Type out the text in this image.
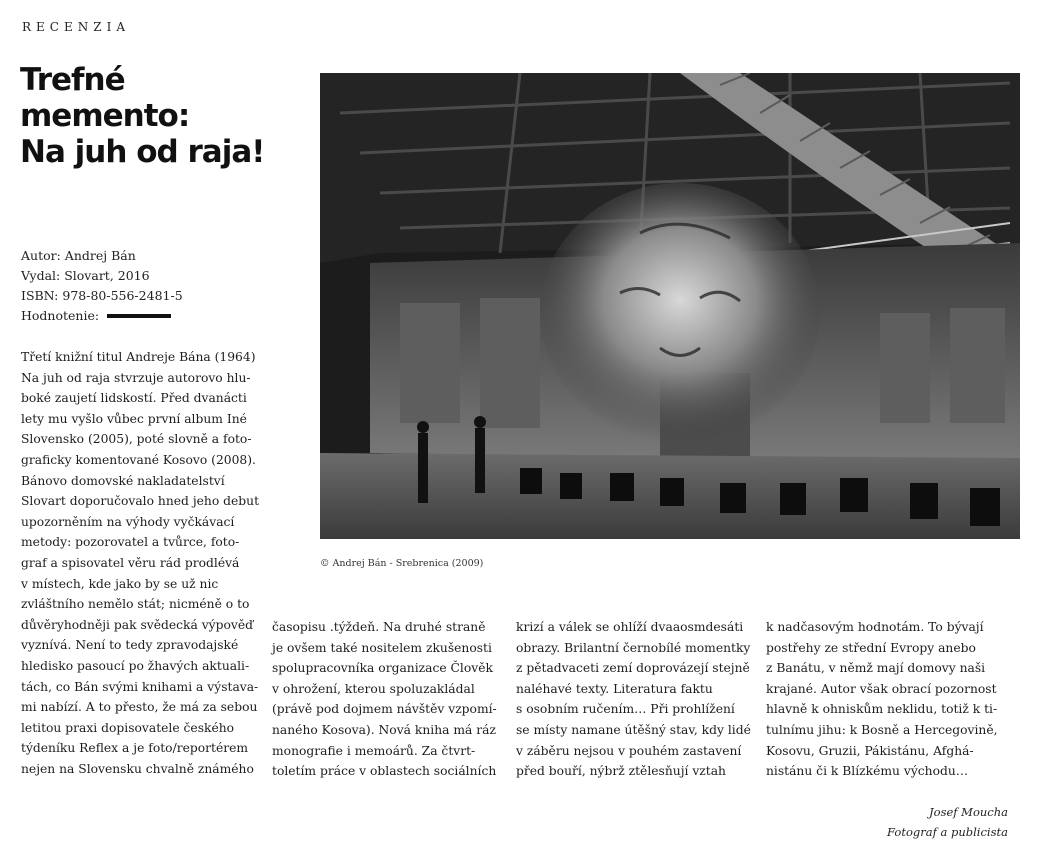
RECENZIA
Trefné
memento:
Na juh od raja!
Autor: Andrej Bán
Vydal: Slovart, 2016
ISBN: 978-80-556-2481-5
Hodnotenie:
© Andrej Bán - Srebrenica (2009)
Třetí knižní titul Andreje Bána (1964)
Na juh od raja stvrzuje autorovo hlu-
boké zaujetí lidskostí. Před dvanácti
lety mu vyšlo vůbec první album Iné
Slovensko (2005), poté slovně a foto-
graficky komentované Kosovo (2008).
Bánovo domovské nakladatelství
Slovart doporučovalo hned jeho debut
upozorněním na výhody vyčkávací
metody: pozorovatel a tvůrce, foto-
graf a spisovatel věru rád prodlévá
v místech, kde jako by se už nic
zvláštního nemělo stát; nicméně o to
důvěryhodněji pak svědecká výpověď
vyznívá. Není to tedy zpravodajské
hledisko pasoucí po žhavých aktuali-
tách, co Bán svými knihami a výstava-
mi nabízí. A to přesto, že má za sebou
letitou praxi dopisovatele českého
týdeníku Reflex a je foto/reportérem
nejen na Slovensku chvalně známého
časopisu .týždeň. Na druhé straně
je ovšem také nositelem zkušenosti
spolupracovníka organizace Člověk
v ohrožení, kterou spoluzakládal
(právě pod dojmem návštěv vzpomí-
naného Kosova). Nová kniha má ráz
monografie i memoárů. Za čtvrt-
toletím práce v oblastech sociálních
krizí a válek se ohlíží dvaaosmdesáti
obrazy. Brilantní černobílé momentky
z pětadvaceti zemí doprovázejí stejně
naléhavé texty. Literatura faktu
s osobním ručením… Při prohlížení
se místy namane útěšný stav, kdy lidé
v záběru nejsou v pouhém zastavení
před bouří, nýbrž ztělesňují vztah
k nadčasovým hodnotám. To bývají
postřehy ze střední Evropy anebo
z Banátu, v němž mají domovy naši
krajané. Autor však obrací pozornost
hlavně k ohniskům neklidu, totiž k ti-
tulnímu jihu: k Bosně a Hercegovině,
Kosovu, Gruzii, Pákistánu, Afghá-
nistánu či k Blízkému východu…
Josef Moucha
Fotograf a publicista
